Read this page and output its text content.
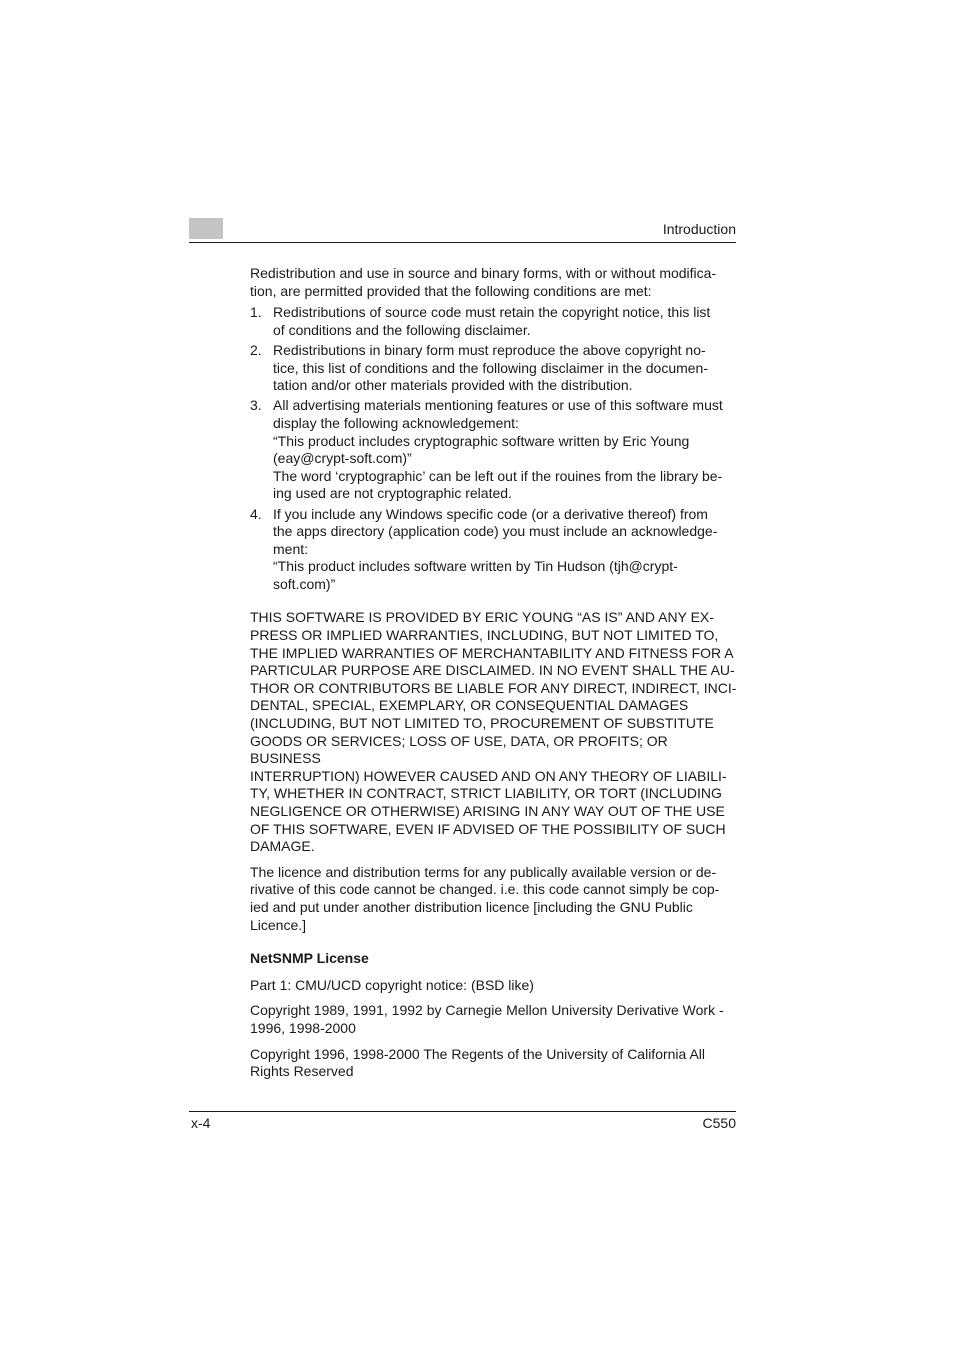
Introduction

Redistribution and use in source and binary forms, with or without modifica-
tion, are permitted provided that the following conditions are met:

1. Redistributions of source code must retain the copyright notice, this list
of conditions and the following disclaimer.
2. Redistributions in binary form must reproduce the above copyright no-
tice, this list of conditions and the following disclaimer in the documen-
tation and/or other materials provided with the distribution.
3. All advertising materials mentioning features or use of this software must
display the following acknowledgement:
“This product includes cryptographic software written by Eric Young
(eay@crypt-soft.com)”
The word ‘cryptographic’ can be left out if the rouines from the library be-
ing used are not cryptographic related.
4. If you include any Windows specific code (or a derivative thereof) from
the apps directory (application code) you must include an acknowledge-
ment:
“This product includes software written by Tin Hudson (tjh@crypt-
soft.com)”

THIS SOFTWARE IS PROVIDED BY ERIC YOUNG “AS IS” AND ANY EX-
PRESS OR IMPLIED WARRANTIES, INCLUDING, BUT NOT LIMITED TO,
THE IMPLIED WARRANTIES OF MERCHANTABILITY AND FITNESS FOR A
PARTICULAR PURPOSE ARE DISCLAIMED. IN NO EVENT SHALL THE AU-
THOR OR CONTRIBUTORS BE LIABLE FOR ANY DIRECT, INDIRECT, INCI-
DENTAL, SPECIAL, EXEMPLARY, OR CONSEQUENTIAL DAMAGES
(INCLUDING, BUT NOT LIMITED TO, PROCUREMENT OF SUBSTITUTE
GOODS OR SERVICES; LOSS OF USE, DATA, OR PROFITS; OR BUSINESS
INTERRUPTION) HOWEVER CAUSED AND ON ANY THEORY OF LIABILI-
TY, WHETHER IN CONTRACT, STRICT LIABILITY, OR TORT (INCLUDING
NEGLIGENCE OR OTHERWISE) ARISING IN ANY WAY OUT OF THE USE
OF THIS SOFTWARE, EVEN IF ADVISED OF THE POSSIBILITY OF SUCH
DAMAGE.

The licence and distribution terms for any publically available version or de-
rivative of this code cannot be changed. i.e. this code cannot simply be cop-
ied and put under another distribution licence [including the GNU Public
Licence.]

NetSNMP License

Part 1: CMU/UCD copyright notice: (BSD like)

Copyright 1989, 1991, 1992 by Carnegie Mellon University Derivative Work -
1996, 1998-2000

Copyright 1996, 1998-2000 The Regents of the University of California All
Rights Reserved

x-4	C550
